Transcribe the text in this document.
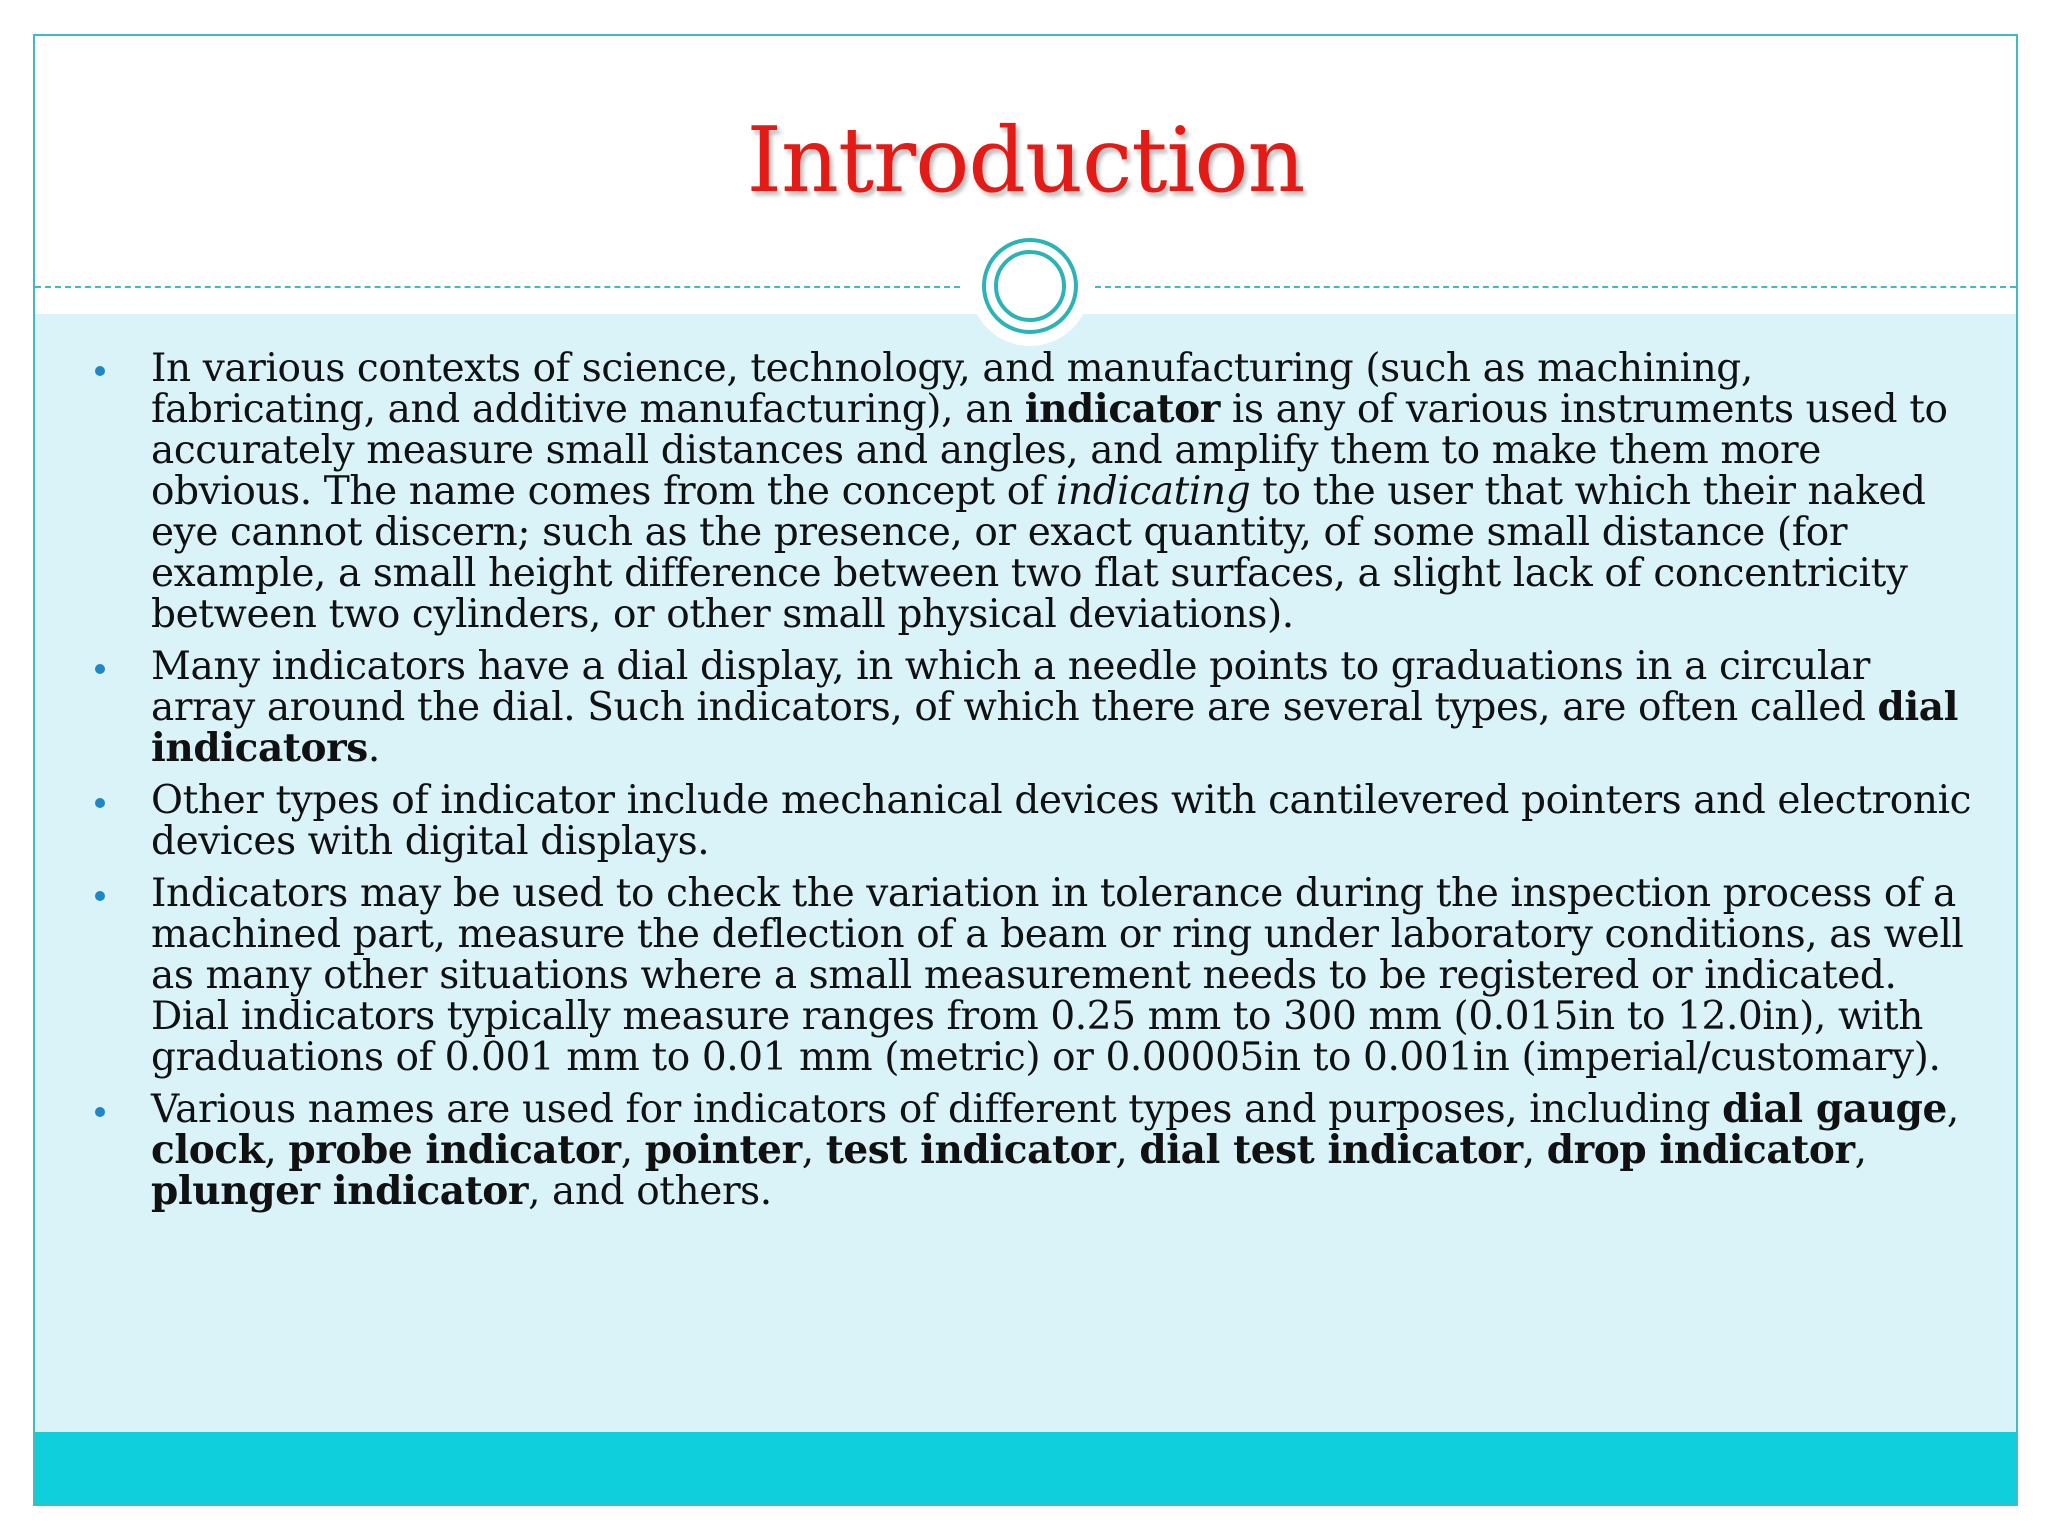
Introduction
In various contexts of science, technology, and manufacturing (such as machining, fabricating, and additive manufacturing), an indicator is any of various instruments used to accurately measure small distances and angles, and amplify them to make them more obvious. The name comes from the concept of indicating to the user that which their naked eye cannot discern; such as the presence, or exact quantity, of some small distance (for example, a small height difference between two flat surfaces, a slight lack of concentricity between two cylinders, or other small physical deviations).
Many indicators have a dial display, in which a needle points to graduations in a circular array around the dial. Such indicators, of which there are several types, are often called dial indicators.
Other types of indicator include mechanical devices with cantilevered pointers and electronic devices with digital displays.
Indicators may be used to check the variation in tolerance during the inspection process of a machined part, measure the deflection of a beam or ring under laboratory conditions, as well as many other situations where a small measurement needs to be registered or indicated. Dial indicators typically measure ranges from 0.25 mm to 300 mm (0.015in to 12.0in), with graduations of 0.001 mm to 0.01 mm (metric) or 0.00005in to 0.001in (imperial/customary).
Various names are used for indicators of different types and purposes, including dial gauge, clock, probe indicator, pointer, test indicator, dial test indicator, drop indicator, plunger indicator, and others.
